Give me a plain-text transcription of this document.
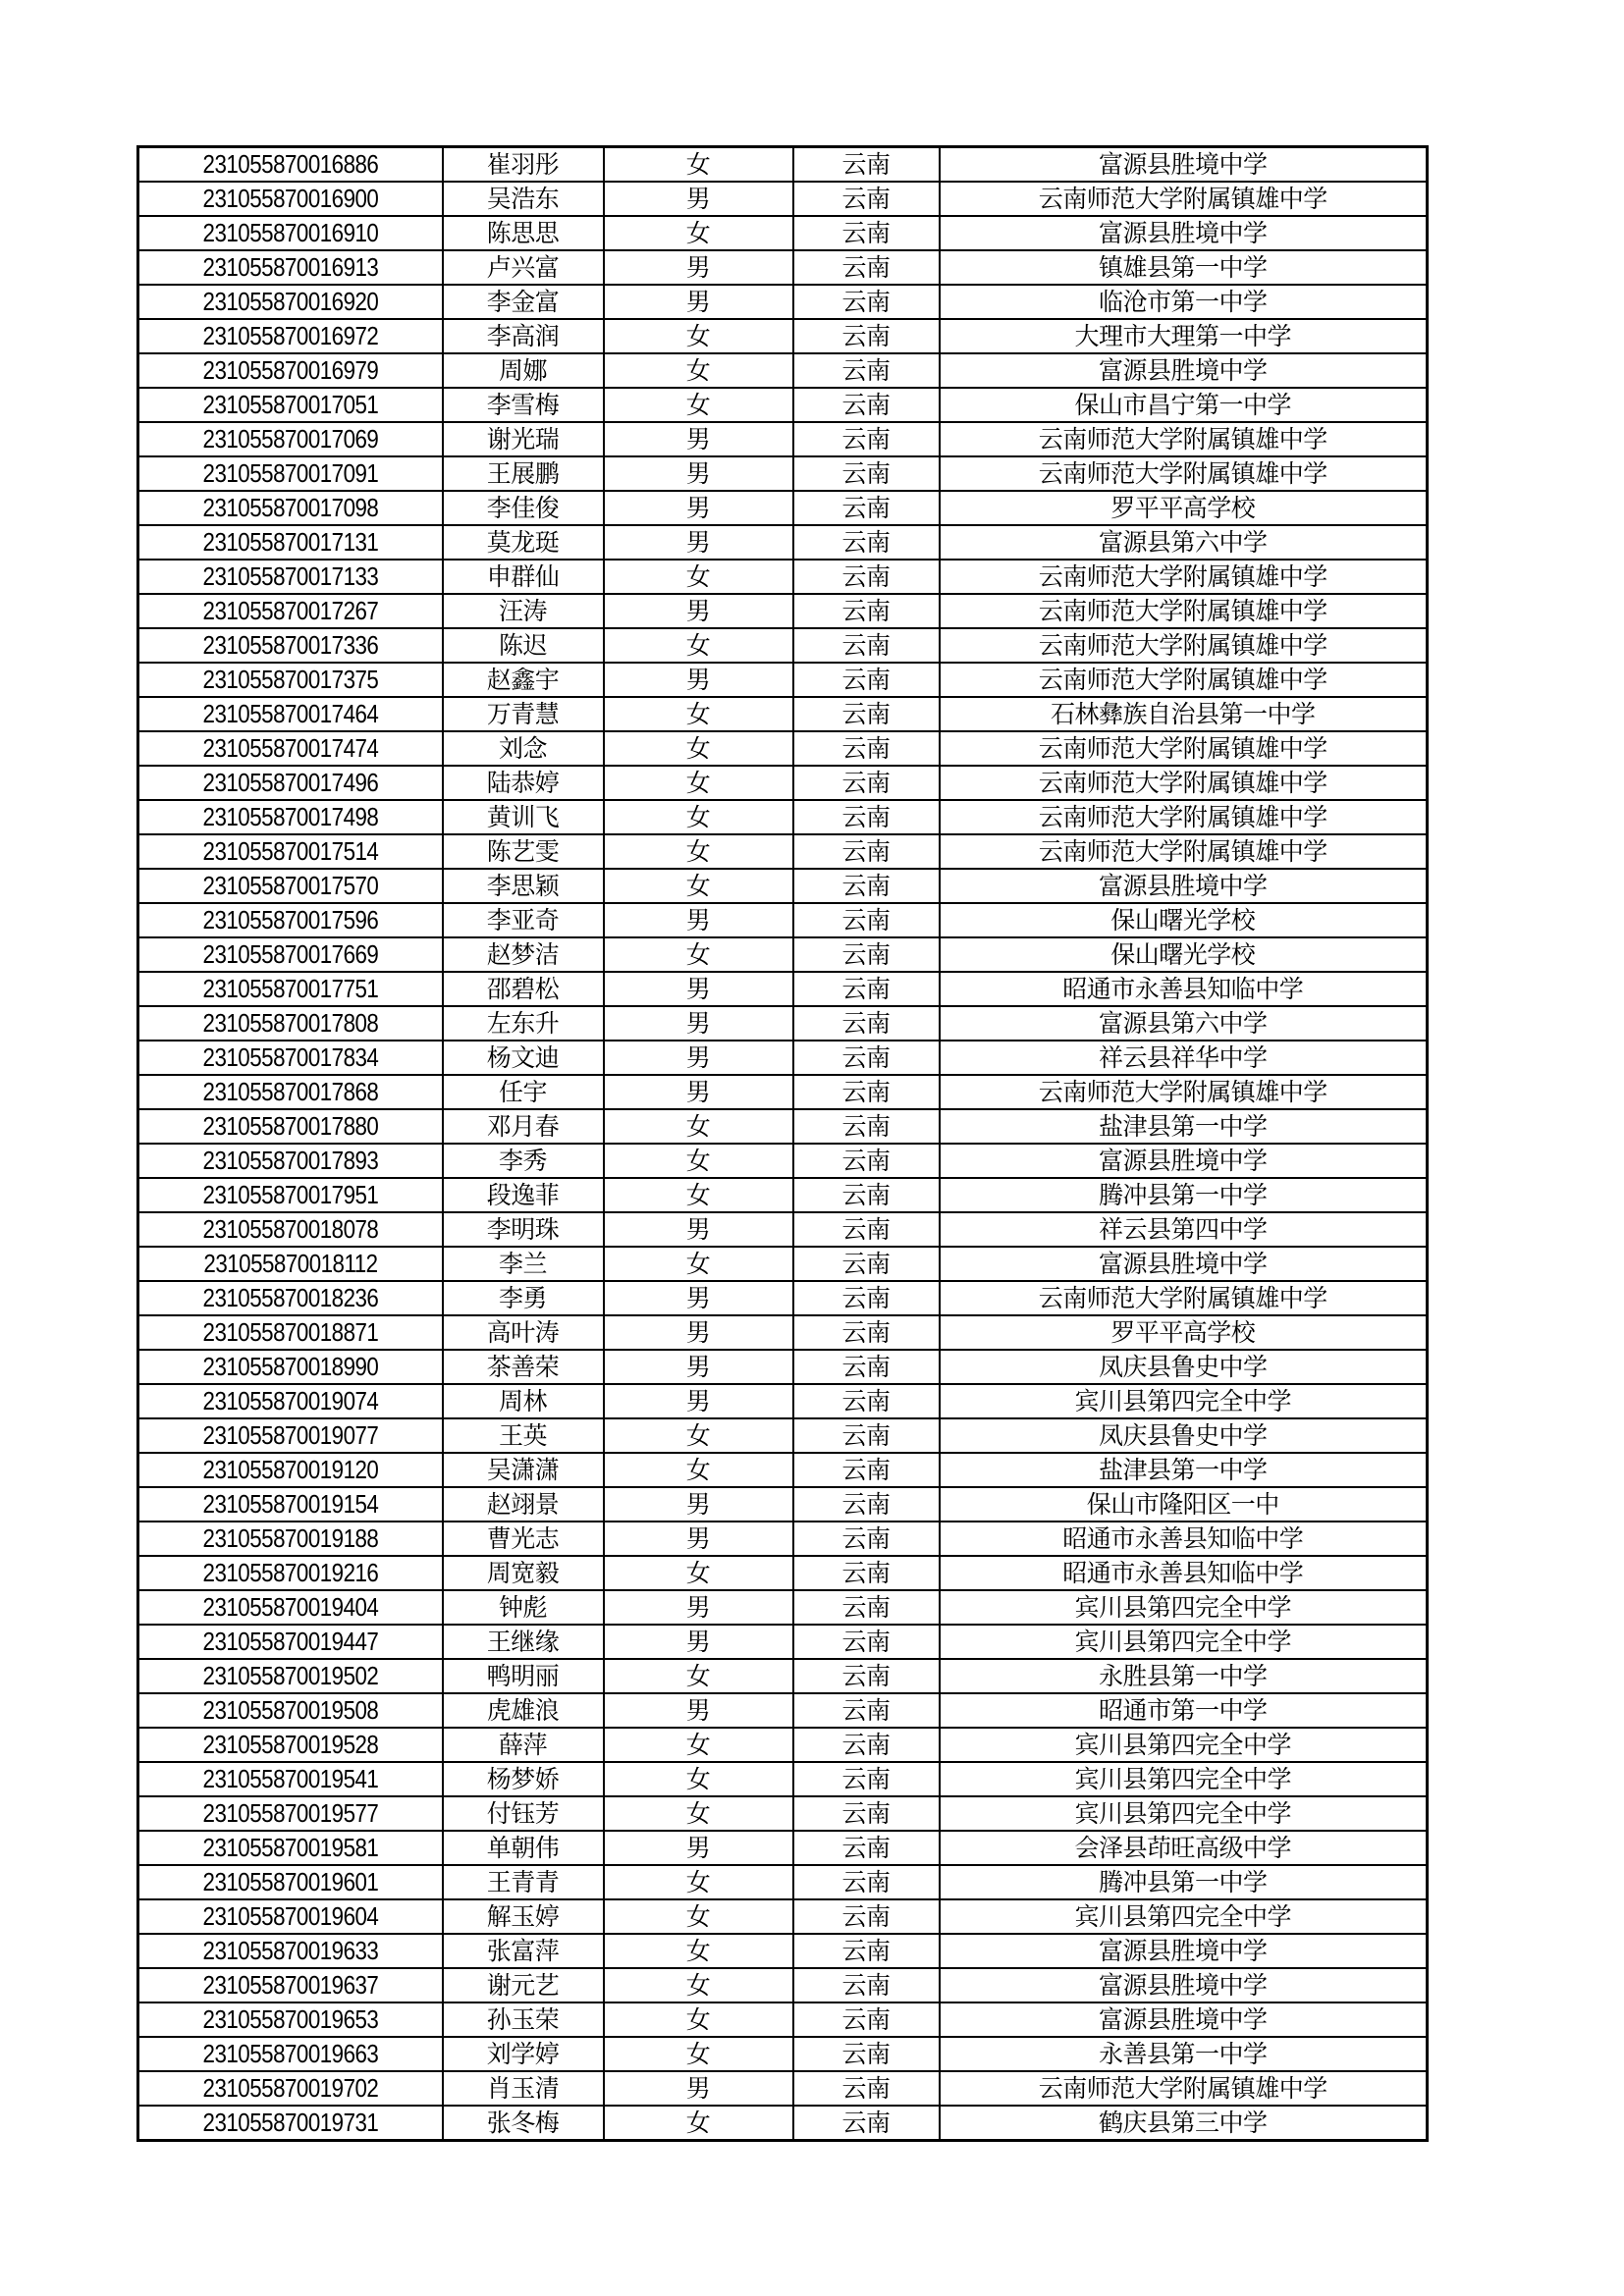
231055870016886	崔羽彤	女	云南	富源县胜境中学
231055870016900	吴浩东	男	云南	云南师范大学附属镇雄中学
231055870016910	陈思思	女	云南	富源县胜境中学
231055870016913	卢兴富	男	云南	镇雄县第一中学
231055870016920	李金富	男	云南	临沧市第一中学
231055870016972	李高润	女	云南	大理市大理第一中学
231055870016979	周娜	女	云南	富源县胜境中学
231055870017051	李雪梅	女	云南	保山市昌宁第一中学
231055870017069	谢光瑞	男	云南	云南师范大学附属镇雄中学
231055870017091	王展鹏	男	云南	云南师范大学附属镇雄中学
231055870017098	李佳俊	男	云南	罗平平高学校
231055870017131	莫龙珽	男	云南	富源县第六中学
231055870017133	申群仙	女	云南	云南师范大学附属镇雄中学
231055870017267	汪涛	男	云南	云南师范大学附属镇雄中学
231055870017336	陈迟	女	云南	云南师范大学附属镇雄中学
231055870017375	赵鑫宇	男	云南	云南师范大学附属镇雄中学
231055870017464	万青慧	女	云南	石林彝族自治县第一中学
231055870017474	刘念	女	云南	云南师范大学附属镇雄中学
231055870017496	陆恭婷	女	云南	云南师范大学附属镇雄中学
231055870017498	黄训飞	女	云南	云南师范大学附属镇雄中学
231055870017514	陈艺雯	女	云南	云南师范大学附属镇雄中学
231055870017570	李思颖	女	云南	富源县胜境中学
231055870017596	李亚奇	男	云南	保山曙光学校
231055870017669	赵梦洁	女	云南	保山曙光学校
231055870017751	邵碧松	男	云南	昭通市永善县知临中学
231055870017808	左东升	男	云南	富源县第六中学
231055870017834	杨文迪	男	云南	祥云县祥华中学
231055870017868	任宇	男	云南	云南师范大学附属镇雄中学
231055870017880	邓月春	女	云南	盐津县第一中学
231055870017893	李秀	女	云南	富源县胜境中学
231055870017951	段逸菲	女	云南	腾冲县第一中学
231055870018078	李明珠	男	云南	祥云县第四中学
231055870018112	李兰	女	云南	富源县胜境中学
231055870018236	李勇	男	云南	云南师范大学附属镇雄中学
231055870018871	高叶涛	男	云南	罗平平高学校
231055870018990	茶善荣	男	云南	凤庆县鲁史中学
231055870019074	周林	男	云南	宾川县第四完全中学
231055870019077	王英	女	云南	凤庆县鲁史中学
231055870019120	吴潇潇	女	云南	盐津县第一中学
231055870019154	赵翊景	男	云南	保山市隆阳区一中
231055870019188	曹光志	男	云南	昭通市永善县知临中学
231055870019216	周宽毅	女	云南	昭通市永善县知临中学
231055870019404	钟彪	男	云南	宾川县第四完全中学
231055870019447	王继缘	男	云南	宾川县第四完全中学
231055870019502	鸭明丽	女	云南	永胜县第一中学
231055870019508	虎雄浪	男	云南	昭通市第一中学
231055870019528	薛萍	女	云南	宾川县第四完全中学
231055870019541	杨梦娇	女	云南	宾川县第四完全中学
231055870019577	付钰芳	女	云南	宾川县第四完全中学
231055870019581	单朝伟	男	云南	会泽县茚旺高级中学
231055870019601	王青青	女	云南	腾冲县第一中学
231055870019604	解玉婷	女	云南	宾川县第四完全中学
231055870019633	张富萍	女	云南	富源县胜境中学
231055870019637	谢元艺	女	云南	富源县胜境中学
231055870019653	孙玉荣	女	云南	富源县胜境中学
231055870019663	刘学婷	女	云南	永善县第一中学
231055870019702	肖玉清	男	云南	云南师范大学附属镇雄中学
231055870019731	张冬梅	女	云南	鹤庆县第三中学
